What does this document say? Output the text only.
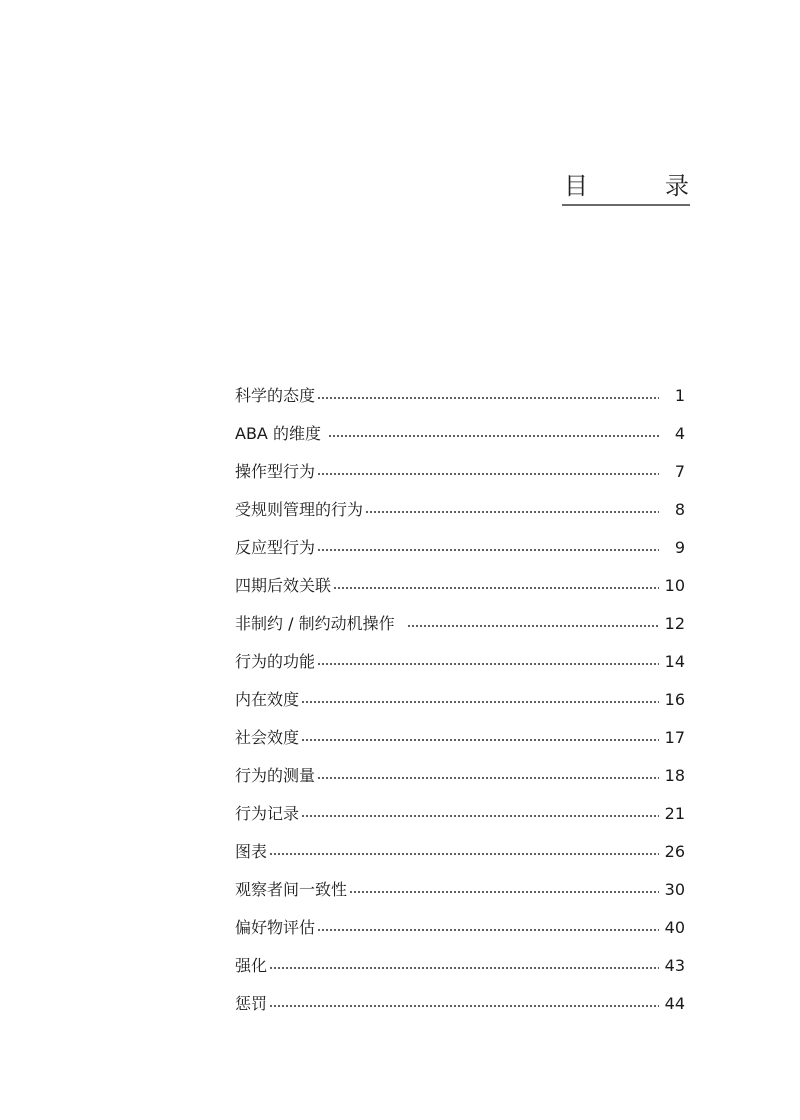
目	录
科学的态度	1
ABA 的维度	4
操作型行为	7
受规则管理的行为	8
反应型行为	9
四期后效关联	10
非制约 / 制约动机操作	12
行为的功能	14
内在效度	16
社会效度	17
行为的测量	18
行为记录	21
图表	26
观察者间一致性	30
偏好物评估	40
强化	43
惩罚	44
